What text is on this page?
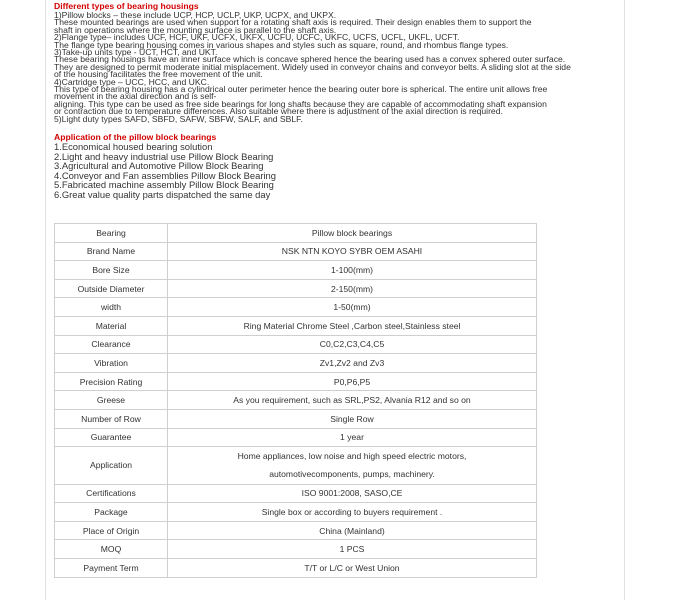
Different types of bearing housings

1)Pillow blocks – these include UCP, HCP, UCLP, UKP, UCPX, and UKPX.

These mounted bearings are used when support for a rotating shaft axis is required. Their design enables them to support the

shaft in operations where the mounting surface is parallel to the shaft axis.

2)Flange type– includes UCF, HCF, UKF, UCFX, UKFX, UCFU, UCFC, UKFC, UCFS, UCFL, UKFL, UCFT.

The flange type bearing housing comes in various shapes and styles such as square, round, and rhombus flange types.

3)Take-up units type - UCT, HCT, and UKT.

These bearing housings have an inner surface which is concave sphered hence the bearing used has a convex sphered outer surface.

They are designed to permit moderate initial misplacement. Widely used in conveyor chains and conveyor belts. A sliding slot at the side

of the housing facilitates the free movement of the unit.

4)Cartridge type – UCC, HCC, and UKC.

This type of bearing housing has a cylindrical outer perimeter hence the bearing outer bore is spherical. The entire unit allows free

movement in the axial direction and is self-

aligning. This type can be used as free side bearings for long shafts because they are capable of accommodating shaft expansion

or contraction due to temperature differences. Also suitable where there is adjustment of the axial direction is required.

5)Light duty types SAFD, SBFD, SAFW, SBFW, SALF, and SBLF.

Application of the pillow block bearings

1.Economical housed bearing solution

2.Light and heavy industrial use Pillow Block Bearing

3.Agricultural and Automotive Pillow Block Bearing

4.Conveyor and Fan assemblies Pillow Block Bearing

5.Fabricated machine assembly Pillow Block Bearing

6.Great value quality parts dispatched the same day

Bearing	Pillow block bearings
Brand Name	NSK NTN KOYO SYBR OEM ASAHI
Bore Size	1-100(mm)
Outside Diameter	2-150(mm)
width	1-50(mm)
Material	Ring Material Chrome Steel ,Carbon steel,Stainless steel
Clearance	C0,C2,C3,C4,C5
Vibration	Zv1,Zv2 and Zv3
Precision Rating	P0,P6,P5
Greese	As you requirement, such as SRL,PS2, Alvania R12 and so on
Number of Row	Single Row
Guarantee	1 year
Application	Home appliances, low noise and high speed electric motors,
automotivecomponents, pumps, machinery.

Certifications	ISO 9001:2008, SASO,CE
Package	Single box or according to buyers requirement .
Place of Origin	China (Mainland)
MOQ	1 PCS
Payment Term	T/T or L/C or West Union
